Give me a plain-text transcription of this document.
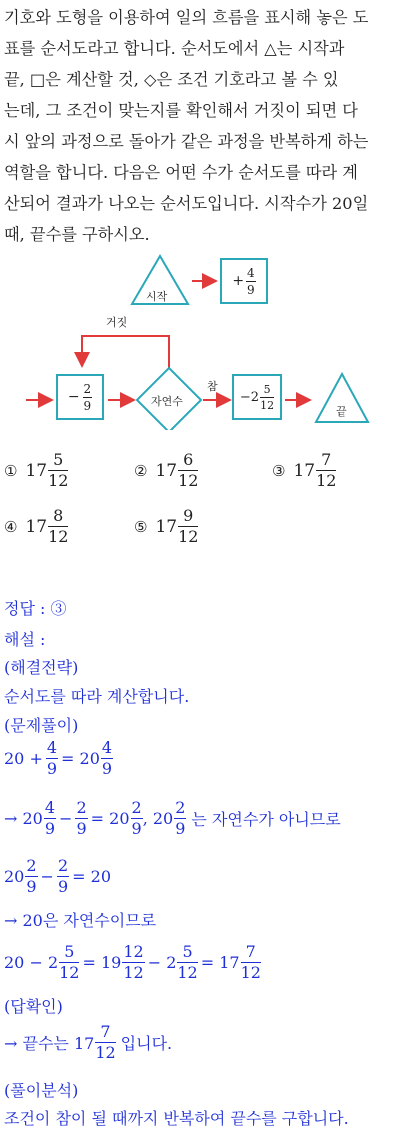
기호와 도형을 이용하여 일의 흐름을 표시해 놓은 도
표를 순서도라고 합니다. 순서도에서 △는 시작과
끝, □은 계산할 것, ◇은 조건 기호라고 볼 수 있
는데, 그 조건이 맞는지를 확인해서 거짓이 되면 다
시 앞의 과정으로 돌아가 같은 과정을 반복하게 하는
역할을 합니다. 다음은 어떤 수가 순서도를 따라 계
산되어 결과가 나오는 순서도입니다. 시작수가 20일
때, 끝수를 구하시오.
시작
+ $\frac{4}{9}$
거짓
− $\frac{2}{9}$	자연수
참
$-2 \frac{5}{12}$
끝
① $17 \frac{5}{12}$	② $17 \frac{6}{12}$	③ $17 \frac{7}{12}$
④ $17 \frac{8}{12}$	⑤ $17 \frac{9}{12}$
정답 : ③
해설 :
(해결전략)
순서도를 따라 계산합니다.
(문제풀이)
$20 + \frac{4}{9} = 20 \frac{4}{9}$
→ $20 \frac{4}{9} - \frac{2}{9} = 20 \frac{2}{9}$ , $20 \frac{2}{9}$ 는 자연수가 아니므로
$20 \frac{2}{9} - \frac{2}{9} = 20$
→ 20은 자연수이므로
$20 - 2 \frac{5}{12} = 19 \frac{12}{12} - 2 \frac{5}{12} = 17 \frac{7}{12}$
(답확인)
→ 끝수는 $17 \frac{7}{12}$ 입니다.
(풀이분석)
조건이 참이 될 때까지 반복하여 끝수를 구합니다.
